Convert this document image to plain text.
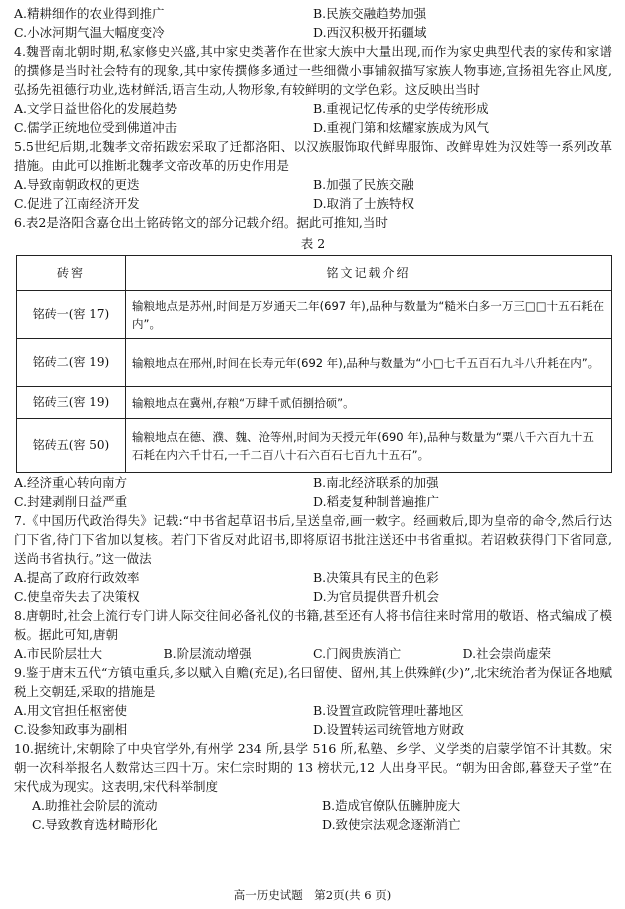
A.精耕细作的农业得到推广	B.民族交融趋势加强
C.小冰河期气温大幅度变冷	D.西汉积极开拓疆域
4.魏晋南北朝时期,私家修史兴盛,其中家史类著作在世家大族中大量出现,而作为家史典型代表的家传和家谱的撰修是当时社会特有的现象,其中家传撰修多通过一些细微小事铺叙描写家族人物事迹,宣扬祖先容止风度,弘扬先祖德行功业,选材鲜活,语言生动,人物形象,有较鲜明的文学色彩。这反映出当时
A.文学日益世俗化的发展趋势	B.重视记忆传承的史学传统形成
C.儒学正统地位受到佛道冲击	D.重视门第和炫耀家族成为风气
5.5世纪后期,北魏孝文帝拓跋宏采取了迁都洛阳、以汉族服饰取代鲜卑服饰、改鲜卑姓为汉姓等一系列改革措施。由此可以推断北魏孝文帝改革的历史作用是
A.导致南朝政权的更迭	B.加强了民族交融
C.促进了江南经济开发	D.取消了士族特权
6.表2是洛阳含嘉仓出土铭砖铭文的部分记载介绍。据此可推知,当时
表 2
砖窖	铭文记载介绍
铭砖一(窖 17)	输粮地点是苏州,时间是万岁通天二年(697 年),品种与数量为“糙米白多一万三□□十五石耗在内”。
铭砖二(窖 19)	输粮地点在邢州,时间在长寿元年(692 年),品种与数量为“小□七千五百石九斗八升耗在内”。
铭砖三(窖 19)	输粮地点在冀州,存粮“万肆千贰佰捌拾硕”。
铭砖五(窖 50)	输粮地点在德、濮、魏、沧等州,时间为天授元年(690 年),品种与数量为“粟八千六百九十五石耗在内六千廿石,一千二百八十石六百石七百九十五石”。
A.经济重心转向南方	B.南北经济联系的加强
C.封建剥削日益严重	D.稻麦复种制普遍推广
7.《中国历代政治得失》记载:“中书省起草诏书后,呈送皇帝,画一敕字。经画敕后,即为皇帝的命令,然后行达门下省,待门下省加以复核。若门下省反对此诏书,即将原诏书批注送还中书省重拟。若诏敕获得门下省同意,送尚书省执行。”这一做法
A.提高了政府行政效率	B.决策具有民主的色彩
C.使皇帝失去了决策权	D.为官员提供晋升机会
8.唐朝时,社会上流行专门讲人际交往间必备礼仪的书籍,甚至还有人将书信往来时常用的敬语、格式编成了模板。据此可知,唐朝
A.市民阶层壮大	B.阶层流动增强	C.门阀贵族消亡	D.社会崇尚虚荣
9.鉴于唐末五代“方镇屯重兵,多以赋入自赡(充足),名曰留使、留州,其上供殊鲜(少)”,北宋统治者为保证各地赋税上交朝廷,采取的措施是
A.用文官担任枢密使	B.设置宣政院管理吐蕃地区
C.设参知政事为副相	D.设置转运司统管地方财政
10.据统计,宋朝除了中央官学外,有州学 234 所,县学 516 所,私塾、乡学、义学类的启蒙学馆不计其数。宋朝一次科举报名人数常达三四十万。宋仁宗时期的 13 榜状元,12 人出身平民。“朝为田舍郎,暮登天子堂”在宋代成为现实。这表明,宋代科举制度
A.助推社会阶层的流动	B.造成官僚队伍臃肿庞大
C.导致教育选材畸形化	D.致使宗法观念逐渐消亡
高一历史试题　第2页(共 6 页)
